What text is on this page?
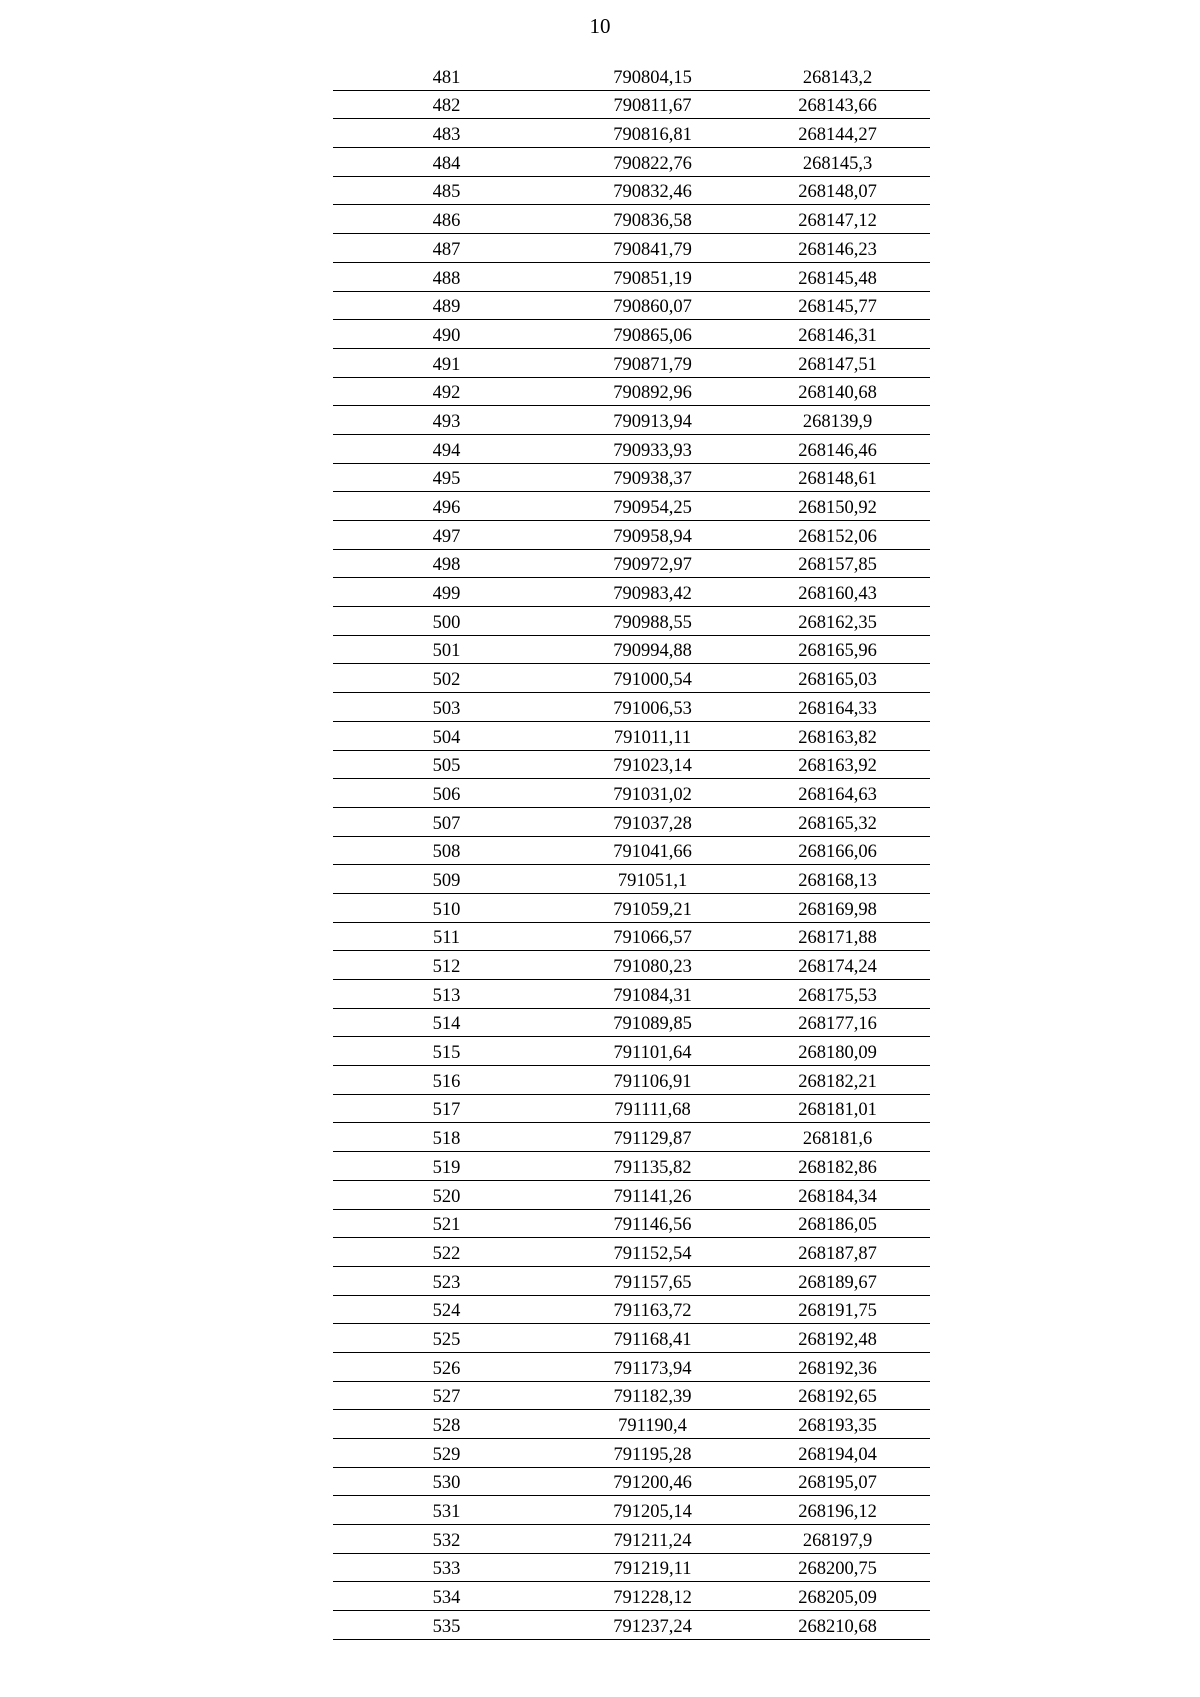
10
481	790804,15	268143,2
482	790811,67	268143,66
483	790816,81	268144,27
484	790822,76	268145,3
485	790832,46	268148,07
486	790836,58	268147,12
487	790841,79	268146,23
488	790851,19	268145,48
489	790860,07	268145,77
490	790865,06	268146,31
491	790871,79	268147,51
492	790892,96	268140,68
493	790913,94	268139,9
494	790933,93	268146,46
495	790938,37	268148,61
496	790954,25	268150,92
497	790958,94	268152,06
498	790972,97	268157,85
499	790983,42	268160,43
500	790988,55	268162,35
501	790994,88	268165,96
502	791000,54	268165,03
503	791006,53	268164,33
504	791011,11	268163,82
505	791023,14	268163,92
506	791031,02	268164,63
507	791037,28	268165,32
508	791041,66	268166,06
509	791051,1	268168,13
510	791059,21	268169,98
511	791066,57	268171,88
512	791080,23	268174,24
513	791084,31	268175,53
514	791089,85	268177,16
515	791101,64	268180,09
516	791106,91	268182,21
517	791111,68	268181,01
518	791129,87	268181,6
519	791135,82	268182,86
520	791141,26	268184,34
521	791146,56	268186,05
522	791152,54	268187,87
523	791157,65	268189,67
524	791163,72	268191,75
525	791168,41	268192,48
526	791173,94	268192,36
527	791182,39	268192,65
528	791190,4	268193,35
529	791195,28	268194,04
530	791200,46	268195,07
531	791205,14	268196,12
532	791211,24	268197,9
533	791219,11	268200,75
534	791228,12	268205,09
535	791237,24	268210,68
